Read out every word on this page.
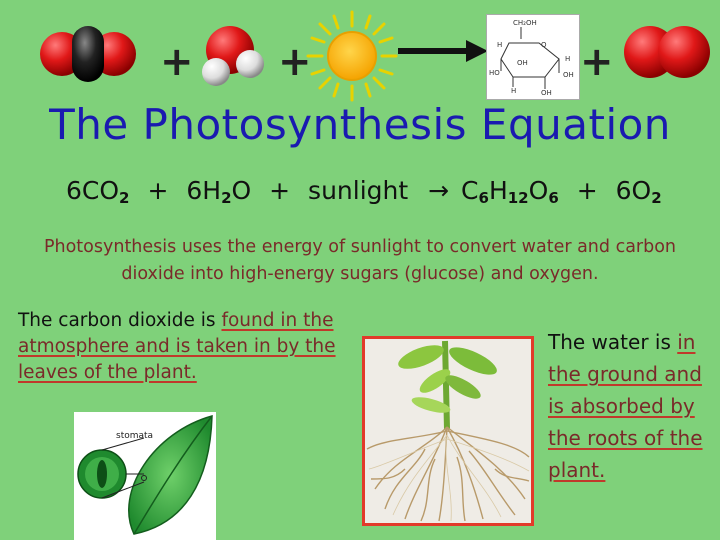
+ +
CH₂OH
O
H
H
OH
HO	OH
H	OH
+
The Photosynthesis Equation
$6CO_2 + 6H_2O$ + sunlight → $C_6H_{12}O_6 + 6O_2$
Photosynthesis uses the energy of sunlight to convert water and carbon dioxide into high-energy sugars (glucose) and oxygen.
The carbon dioxide is found in the atmosphere and is taken in by the leaves of the plant.
stomata
The water is in the ground and is absorbed by the roots of the plant.
